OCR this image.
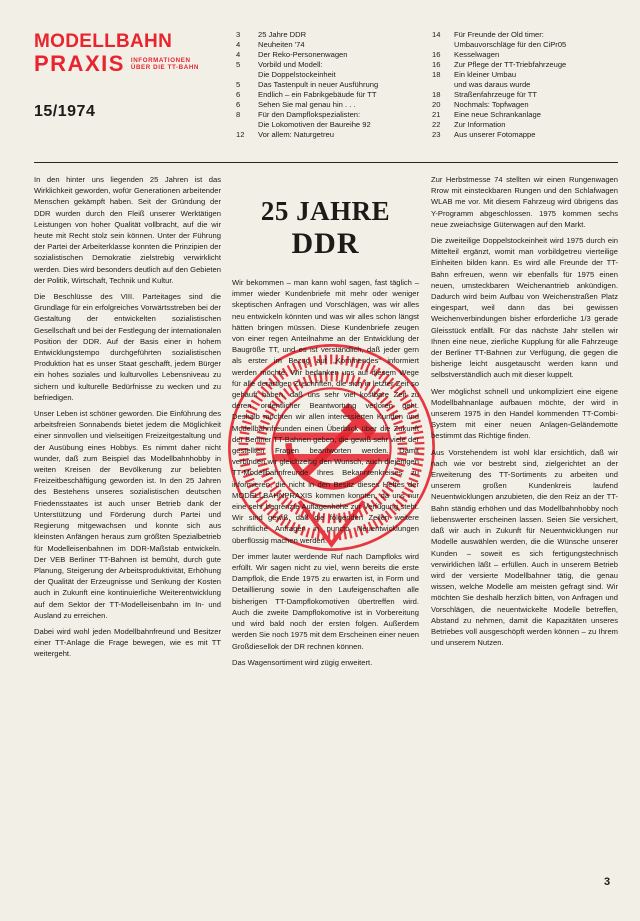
MODELLBAHN
PRAXIS INFORMATIONEN
ÜBER DIE TT-BAHN
15/1974
3	25 Jahre DDR
4	Neuheiten '74
4	Der Reko-Personenwagen
5	Vorbild und Modell:
Die Doppelstockeinheit
5	Das Tastenpult in neuer Ausführung
6	Endlich – ein Fabrikgebäude für TT
6	Sehen Sie mal genau hin . . .
8	Für den Dampflokspezialisten:
Die Lokomotiven der Baureihe 92
12	Vor allem: Naturgetreu
14	Für Freunde der Old timer:
Umbauvorschläge für den CiPr05
16	Kesselwagen
16	Zur Pflege der TT-Triebfahrzeuge
18	Ein kleiner Umbau
und was daraus wurde
18	Straßenfahrzeuge für TT
20	Nochmals: Topfwagen
21	Eine neue Schrankanlage
22	Zur Information
23	Aus unserer Fotomappe

In den hinter uns liegenden 25 Jahren ist das Wirklichkeit geworden, wofür Generationen arbeitender Menschen gekämpft haben. Seit der Gründung der DDR wurden durch den Fleiß unserer Werktätigen Leistungen von hoher Qualität vollbracht, auf die wir heute mit Recht stolz sein können. Unter der Führung der Partei der Arbeiterklasse konnten die Prinzipien der sozialistischen Demokratie zielstrebig verwirklicht werden. Dies wird besonders deutlich auf den Gebieten der Politik, Wirtschaft, Technik und Kultur.

Die Beschlüsse des VIII. Parteitages sind die Grundlage für ein erfolgreiches Vorwärtsstreben bei der Gestaltung der entwickelten sozialistischen Gesellschaft und bei der Festlegung der internationalen Position der DDR. Auf der Basis einer in hohem Entwicklungstempo durchgeführten sozialistischen Produktion hat es unser Staat geschafft, jedem Bürger ein hohes soziales und kulturvolles Lebensniveau zu sichern und kulturelle Bedürfnisse zu wecken und zu befriedigen.

Unser Leben ist schöner geworden. Die Einführung des arbeitsfreien Sonnabends bietet jedem die Möglichkeit einer sinnvollen und vielseitigen Freizeitgestaltung und der Ausübung eines Hobbys. Es nimmt daher nicht wunder, daß zum Beispiel das Modellbahnhobby in weiten Kreisen der Bevölkerung zur beliebten Freizeitbeschäftigung geworden ist. In den 25 Jahren des Bestehens unseres sozialistischen deutschen Friedensstaates ist auch unser Betrieb dank der Unterstützung und Förderung durch Partei und Regierung mitgewachsen und konnte sich aus kleinsten Anfängen heraus zum größten Spezialbetrieb für Modelleisenbahnen im DDR-Maßstab entwickeln. Der VEB Berliner TT-Bahnen ist bemüht, durch gute Planung, Steigerung der Arbeitsproduktivität, Erhöhung der Qualität der Erzeugnisse und Senkung der Kosten auch in Zukunft eine kontinuierliche Weiterentwicklung auf dem Sektor der TT-Modelleisenbahn im In- und Ausland zu erreichen.

Dabei wird wohl jeden Modellbahnfreund und Besitzer einer TT-Anlage die Frage bewegen, wie es mit TT weitergeht.

25 JAHRE
DDR

Wir bekommen – man kann wohl sagen, fast täglich – immer wieder Kundenbriefe mit mehr oder weniger skeptischen Anfragen und Vorschlägen, was wir alles neu entwickeln könnten und was wir alles schon längst hätten bringen müssen. Diese Kundenbriefe zeugen von einer regen Anteilnahme an der Entwicklung der Baugröße TT, und es ist verständlich, daß jeder gern als erster im Bezug auf „Kommendes“ informiert werden möchte. Wir bedanken uns auf diesem Wege für alle derartigen Zuschriften, die sich in letzter Zeit so gehäuft haben, daß uns sehr viel kostbare Zeit zu deren ordentlicher Beantwortung verloren geht. Deshalb möchten wir allen interessierten Kunden und Modellbahnfreunden einen Überblick über die Zukunft der Berliner TT-Bahnen geben, die gewiß sehr viele der gestellten Fragen beantworten werden. Damit verbinden wir gleichzeitig den Wunsch, auch diejenigen TT-Modellbahnfreunde Ihres Bekanntenkreises zu informieren, die nicht in den Besitz dieses Heftes der MODELLBAHNPRAXIS kommen konnten, da uns nur eine sehr begrenzte Auflagenhöhe zur Verfügung steht. Wir sind gewiß, daß die folgenden Zeilen weitere schriftliche Anfragen in puncto Neuentwicklungen überflüssig machen werden.

Der immer lauter werdende Ruf nach Dampfloks wird erfüllt. Wir sagen nicht zu viel, wenn bereits die erste Dampflok, die Ende 1975 zu erwarten ist, in Form und Detaillierung sowie in den Laufeigenschaften alle bisherigen TT-Dampflokomotiven übertreffen wird. Auch die zweite Dampflokomotive ist in Vorbereitung und wird bald noch der ersten folgen. Außerdem werden Sie noch 1975 mit dem Erscheinen einer neuen Großdiesellok der DR rechnen können.

Das Wagensortiment wird zügig erweitert.

Zur Herbstmesse 74 stellten wir einen Rungenwagen Rrow mit einsteckbaren Rungen und den Schlafwagen WLAB me vor. Mit diesem Fahrzeug wird übrigens das Y-Programm abgeschlossen. 1975 kommen sechs neue zweiachsige Güterwagen auf den Markt.

Die zweiteilige Doppelstockeinheit wird 1975 durch ein Mittelteil ergänzt, womit man vorbildgetreu vierteilige Einheiten bilden kann. Es wird alle Freunde der TT-Bahn erfreuen, wenn wir ebenfalls für 1975 einen neuen, umsteckbaren Weichenantrieb ankündigen. Dadurch wird beim Aufbau von Weichenstraßen Platz eingespart, weil dann das bei gewissen Weichenverbindungen bisher erforderliche 1/3 gerade Gleisstück entfällt. Für das nächste Jahr stellen wir Ihnen eine neue, zierliche Kupplung für alle Fahrzeuge der Berliner TT-Bahnen zur Verfügung, die gegen die bisherige leicht ausgetauscht werden kann und selbstverständlich auch mit dieser kuppelt.

Wer möglichst schnell und unkompliziert eine eigene Modellbahnanlage aufbauen möchte, der wird in unserem 1975 in den Handel kommenden TT-Combi-System mit einer neuen Anlagen-Geländemotte bestimmt das Richtige finden.

Aus Vorstehendem ist wohl klar ersichtlich, daß wir nach wie vor bestrebt sind, zielgerichtet an der Erweiterung des TT-Sortiments zu arbeiten und unserem großen Kundenkreis laufend Neuentwicklungen anzubieten, die den Reiz an der TT-Bahn ständig erhöhen und das Modellbahnhobby noch liebenswerter erscheinen lassen. Seien Sie versichert, daß wir auch in Zukunft für Neuentwicklungen nur Modelle auswählen werden, die die Wünsche unserer Kunden – soweit es sich fertigungstechnisch verwirklichen läßt – erfüllen. Auch in unserem Betrieb wird der versierte Modellbahner tätig, die genau wissen, welche Modelle am meisten gefragt sind. Wir möchten Sie deshalb herzlich bitten, von Anfragen und Vorschlägen, die neuentwickelte Modelle betreffen, Abstand zu nehmen, damit die Kapazitäten unseres Betriebes voll ausgeschöpft werden können – zu Ihrem und unserem Nutzen.

3
